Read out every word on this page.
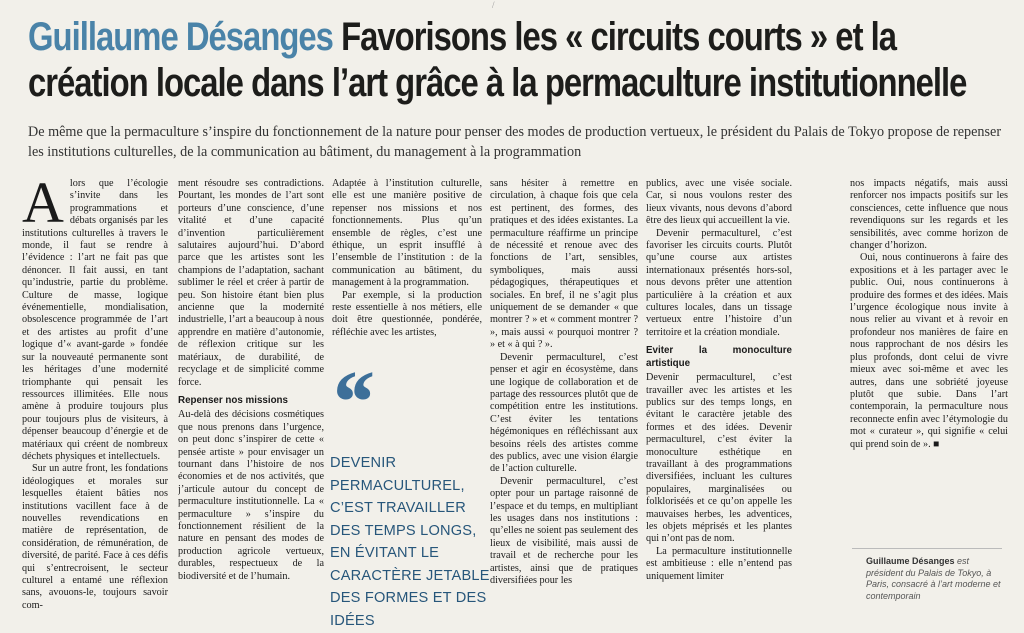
/
Guillaume Désanges Favorisons les « circuits courts » et la création locale dans l’art grâce à la permaculture institutionnelle

De même que la permaculture s’inspire du fonctionnement de la nature pour penser des modes de production vertueux, le président du Palais de Tokyo propose de repenser les institutions culturelles, de la communication au bâtiment, du management à la programmation

Alors que l’écologie s’invite dans les programmations et débats organisés par les institutions culturelles à travers le monde, il faut se rendre à l’évidence : l’art ne fait pas que dénoncer. Il fait aussi, en tant qu’industrie, partie du problème. Culture de masse, logique événementielle, mondialisation, obsolescence programmée de l’art et des artistes au profit d’une logique d’« avant-garde » fondée sur la nouveauté permanente sont les héritages d’une modernité triomphante qui pensait les ressources illimitées. Elle nous amène à produire toujours plus pour toujours plus de visiteurs, à dépenser beaucoup d’énergie et de matériaux qui créent de nombreux déchets physiques et intellectuels.

Sur un autre front, les fondations idéologiques et morales sur lesquelles étaient bâties nos institutions vacillent face à de nouvelles revendications en matière de représentation, de considération, de rémunération, de diversité, de parité. Face à ces défis qui s’entrecroisent, le secteur culturel a entamé une réflexion sans, avouons-le, toujours savoir com-

ment résoudre ses contradictions. Pourtant, les mondes de l’art sont porteurs d’une conscience, d’une vitalité et d’une capacité d’invention particulièrement salutaires aujourd’hui. D’abord parce que les artistes sont les champions de l’adaptation, sachant sublimer le réel et créer à partir de peu. Son histoire étant bien plus ancienne que la modernité industrielle, l’art a beaucoup à nous apprendre en matière d’autonomie, de réflexion critique sur les matériaux, de durabilité, de recyclage et de simplicité comme force.

Repenser nos missions

Au-delà des décisions cosmétiques que nous prenons dans l’urgence, on peut donc s’inspirer de cette « pensée artiste » pour envisager un tournant dans l’histoire de nos économies et de nos activités, que j’articule autour du concept de permaculture institutionnelle. La « permaculture » s’inspire du fonctionnement résilient de la nature en pensant des modes de production agricole vertueux, durables, respectueux de la biodiversité et de l’humain.

Adaptée à l’institution culturelle, elle est une manière positive de repenser nos missions et nos fonctionnements. Plus qu’un ensemble de règles, c’est une éthique, un esprit insufflé à l’ensemble de l’institution : de la communication au bâtiment, du management à la programmation.

Par exemple, si la production reste essentielle à nos métiers, elle doit être questionnée, pondérée, réfléchie avec les artistes,

sans hésiter à remettre en circulation, à chaque fois que cela est pertinent, des formes, des pratiques et des idées existantes. La permaculture réaffirme un principe de nécessité et renoue avec des fonctions de l’art, sensibles, symboliques, mais aussi pédagogiques, thérapeutiques et sociales. En bref, il ne s’agit plus uniquement de se demander « que montrer ? » et « comment montrer ? », mais aussi « pourquoi montrer ? » et « à qui ? ».

Devenir permaculturel, c’est penser et agir en écosystème, dans une logique de collaboration et de partage des ressources plutôt que de compétition entre les institutions. C’est éviter les tentations hégémoniques en réfléchissant aux besoins réels des artistes comme des publics, avec une vision élargie de l’action culturelle.

Devenir permaculturel, c’est opter pour un partage raisonné de l’espace et du temps, en multipliant les usages dans nos institutions : qu’elles ne soient pas seulement des lieux de visibilité, mais aussi de travail et de recherche pour les artistes, ainsi que de pratiques diversifiées pour les

publics, avec une visée sociale. Car, si nous voulons rester des lieux vivants, nous devons d’abord être des lieux qui accueillent la vie.

Devenir permaculturel, c’est favoriser les circuits courts. Plutôt qu’une course aux artistes internationaux présentés hors-sol, nous devons prêter une attention particulière à la création et aux cultures locales, dans un tissage vertueux entre l’histoire d’un territoire et la création mondiale.

Eviter la monoculture artistique

Devenir permaculturel, c’est travailler avec les artistes et les publics sur des temps longs, en évitant le caractère jetable des formes et des idées. Devenir permaculturel, c’est éviter la monoculture esthétique en travaillant à des programmations diversifiées, incluant les cultures populaires, marginalisées ou folkloriséés et ce qu’on appelle les mauvaises herbes, les adventices, les objets méprisés et les plantes qui n’ont pas de nom.

La permaculture institutionnelle est ambitieuse : elle n’entend pas uniquement limiter

nos impacts négatifs, mais aussi renforcer nos impacts positifs sur les consciences, cette influence que nous revendiquons sur les regards et les sensibilités, avec comme horizon de changer d’horizon.

Oui, nous continuerons à faire des expositions et à les partager avec le public. Oui, nous continuerons à produire des formes et des idées. Mais l’urgence écologique nous invite à nous relier au vivant et à revoir en profondeur nos manières de faire en nous rapprochant de nos désirs les plus profonds, dont celui de vivre mieux avec soi-même et avec les autres, dans une sobriété joyeuse plutôt que subie. Dans l’art contemporain, la permaculture nous reconnecte enfin avec l’étymologie du mot « curateur », qui signifie « celui qui prend soin de ». ■

‘‘
DEVENIR PERMACULTUREL, C’EST TRAVAILLER DES TEMPS LONGS, EN ÉVITANT LE CARACTÈRE JETABLE DES FORMES ET DES IDÉES
Guillaume Désanges est président du Palais de Tokyo, à Paris, consacré à l’art moderne et contemporain
